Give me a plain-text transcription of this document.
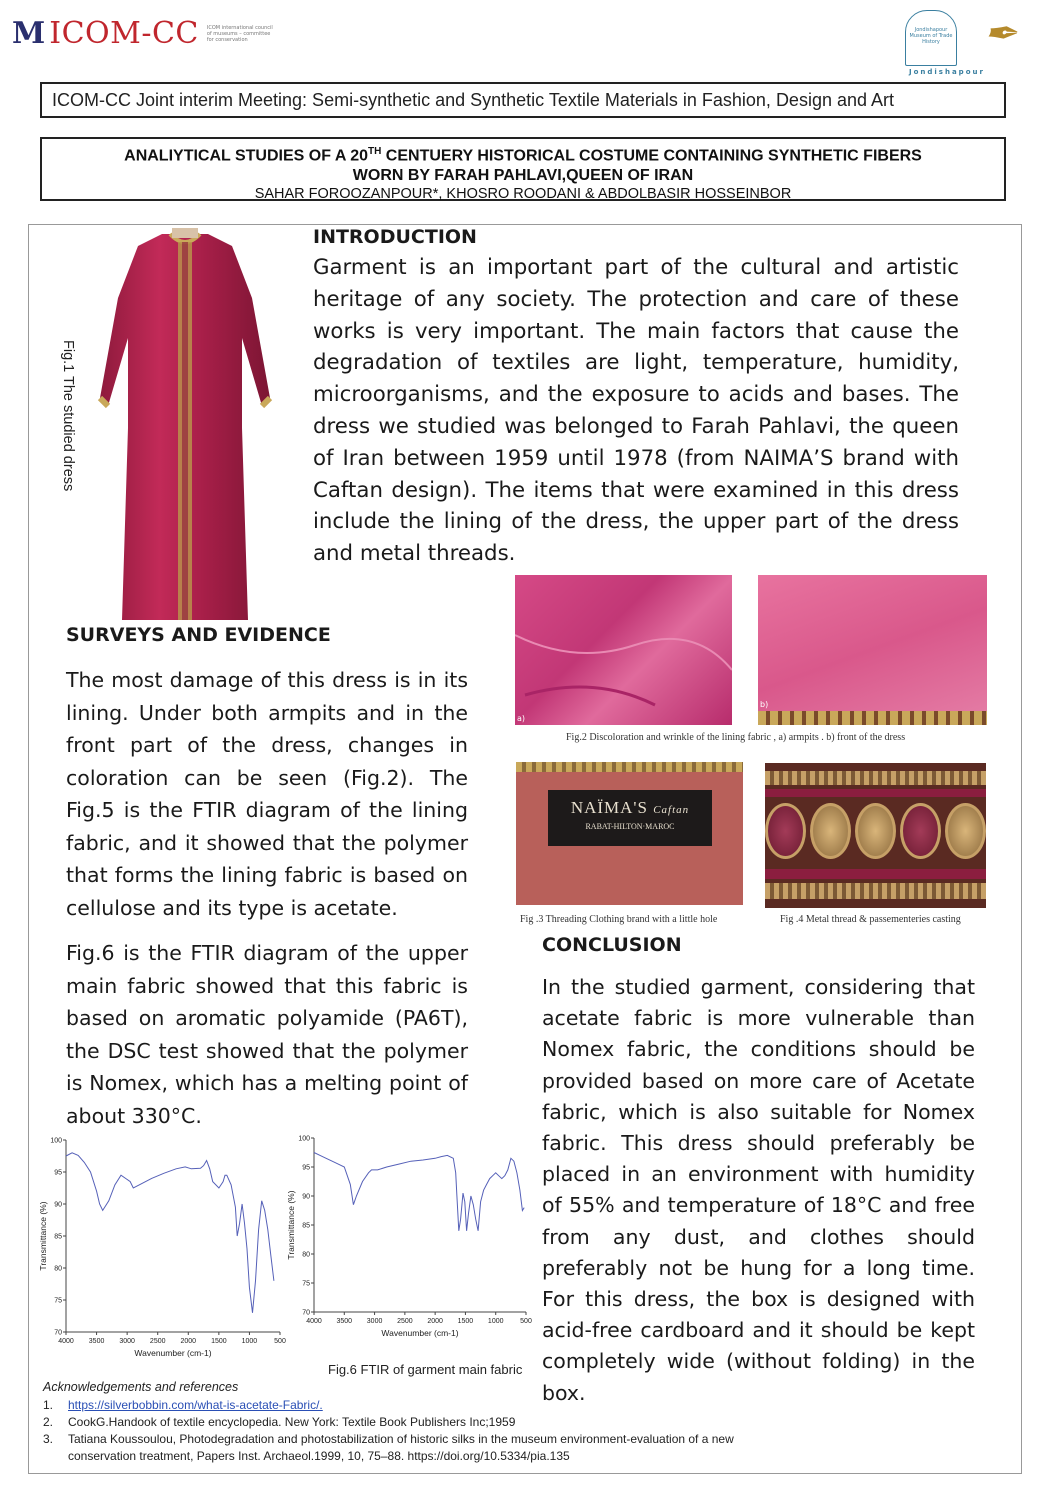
M ICOM-CC ICOM international council of museums – committee for conservation
Jondishapour Museum of Trade History	✒
Jondishapour
ICOM-CC Joint interim Meeting: Semi-synthetic and Synthetic Textile Materials in Fashion, Design and Art
ANALIYTICAL STUDIES OF A 20TH CENTUERY HISTORICAL COSTUME CONTAINING SYNTHETIC FIBERS
WORN BY FARAH PAHLAVI,QUEEN OF IRAN
SAHAR FOROOZANPOUR*, KHOSRO ROODANI & ABDOLBASIR HOSSEINBOR
Fig.1 The studied dress
INTRODUCTION
Garment is an important part of the cultural and artistic heritage of any society. The protection and care of these works is very important. The main factors that cause the degradation of textiles are light, temperature, humidity, microorganisms, and the exposure to acids and bases. The dress we studied was belonged to Farah Pahlavi, the queen of Iran between 1959 until 1978 (from NAIMA’S brand with Caftan design). The items that were examined in this dress include the lining of the dress, the upper part of the dress and metal threads.
a)
b)
Fig.2 Discoloration and wrinkle of the lining fabric , a) armpits . b) front of the dress
NAÏMA'S Caftan
RABAT-HILTON·MAROC
Fig .3 Threading Clothing brand with a little hole	Fig .4 Metal thread & passementeries casting
SURVEYS AND EVIDENCE
The most damage of this dress is in its lining. Under both armpits and in the front part of the dress, changes in coloration can be seen (Fig.2). The Fig.5 is the FTIR diagram of the lining fabric, and it showed that the polymer that forms the lining fabric is based on cellulose and its type is acetate.
Fig.6 is the FTIR diagram of the upper main fabric showed that this fabric is based on aromatic polyamide (PA6T), the DSC test showed that the polymer is Nomex, which has a melting point of about 330°C.
CONCLUSION
In the studied garment, considering that acetate fabric is more vulnerable than Nomex fabric, the conditions should be provided based on more care of Acetate fabric, which is also suitable for Nomex fabric. This dress should preferably be placed in an environment with humidity of 55% and temperature of 18°C and free from any dust, and clothes should preferably not be hung for a long time. For this dress, the box is designed with acid-free cardboard and it should be kept completely wide (without folding) in the box.
70
75
80
85
90
95
100
4000 3500 3000 2500 2000 1500 1000 500
Wavenumber (cm-1)
Transmittance (%)
70
75
80
85
90
95
100
4000 3500 3000 2500 2000 1500 1000 500
Wavenumber (cm-1)
Transmittance (%)
Fig.6 FTIR of garment main fabric
Acknowledgements and references
1. https://silverbobbin.com/what-is-acetate-Fabric/.
2. CookG.Handook of textile encyclopedia. New York: Textile Book Publishers Inc;1959
3. Tatiana Koussoulou, Photodegradation and photostabilization of historic silks in the museum environment-evaluation of a new conservation treatment, Papers Inst. Archaeol.1999, 10, 75–88. https://doi.org/10.5334/pia.135
